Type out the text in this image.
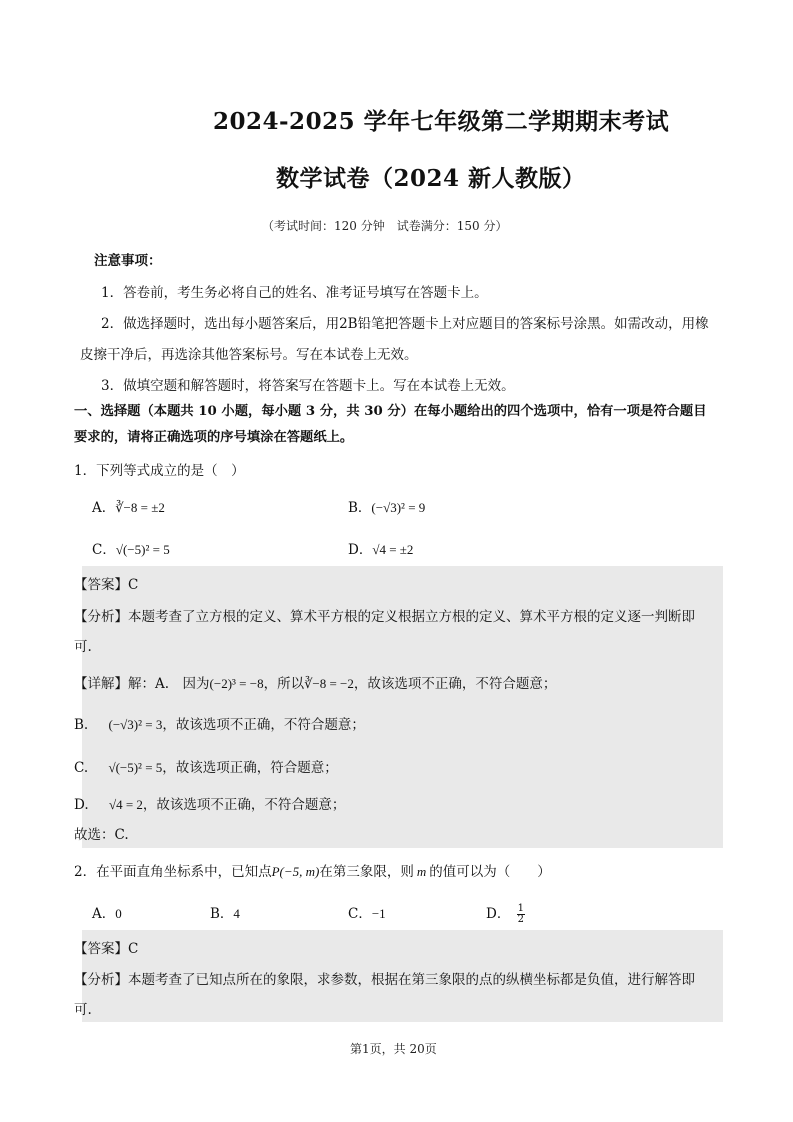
2024-2025 学年七年级第二学期期末考试
数学试卷（2024 新人教版）
（考试时间：120 分钟　试卷满分：150 分）
注意事项：
1．答卷前，考生务必将自己的姓名、准考证号填写在答题卡上。
2．做选择题时，选出每小题答案后，用2B铅笔把答题卡上对应题目的答案标号涂黑。如需改动，用橡
皮擦干净后，再选涂其他答案标号。写在本试卷上无效。
3．做填空题和解答题时，将答案写在答题卡上。写在本试卷上无效。
一、选择题（本题共 10 小题，每小题 3 分，共 30 分）在每小题给出的四个选项中，恰有一项是符合题目
要求的，请将正确选项的序号填涂在答题纸上。
1．下列等式成立的是（　）
A．∛−8 = ±2	B．(−√3)² = 9
C．√(−5)² = 5	D．√4 = ±2
【答案】C
【分析】本题考查了立方根的定义、算术平方根的定义根据立方根的定义、算术平方根的定义逐一判断即
可.
【详解】解：A.　因为(−2)³ = −8，所以∛−8 = −2，故该选项不正确，不符合题意；
B. (−√3)² = 3，故该选项不正确，不符合题意；
C. √(−5)² = 5，故该选项正确，符合题意；
D. √4 = 2，故该选项不正确，不符合题意；
故选：C.
2．在平面直角坐标系中，已知点P(−5, m)在第三象限，则 m 的值可以为（　　）
A．0	B．4	C．−1	D． $\frac{1}{2}$
【答案】C
【分析】本题考查了已知点所在的象限，求参数，根据在第三象限的点的纵横坐标都是负值，进行解答即
可.
第1页，共 20页
